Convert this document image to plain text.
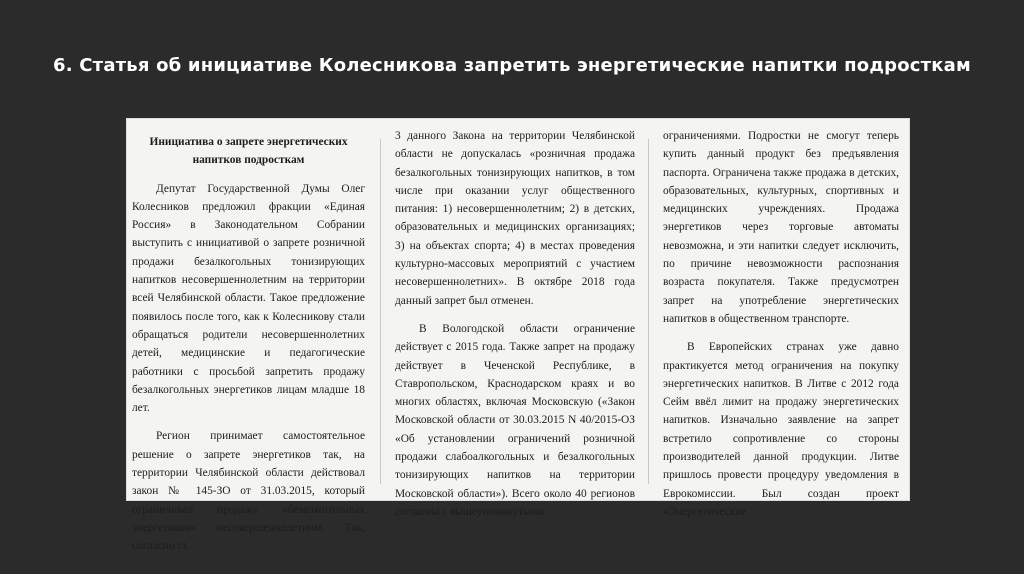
6. Статья об инициативе Колесникова запретить энергетические напитки подросткам
Инициатива о запрете энергетических
напитков подросткам

Депутат Государственной Думы Олег Колесников предложил фракции «Единая Россия» в Законодательном Собрании выступить с инициативой о запрете розничной продажи безалкогольных тонизирующих напитков несовершеннолетним на территории всей Челябинской области. Такое предложение появилось после того, как к Колесникову стали обращаться родители несовершеннолетних детей, медицинские и педагогические работники с просьбой запретить продажу безалкогольных энергетиков лицам младше 18 лет.

Регион принимает самостоятельное решение о запрете энергетиков так, на территории Челябинской области действовал закон № 145-ЗО от 31.03.2015, который ограничивал продажу «безалкогольных энергетиков» несовершеннолетним. Так, согласно ст.

3 данного Закона на территории Челябинской области не допускалась «розничная продажа безалкогольных тонизирующих напитков, в том числе при оказании услуг общественного питания: 1) несовершеннолетним; 2) в детских, образовательных и медицинских организациях; 3) на объектах спорта; 4) в местах проведения культурно-массовых мероприятий с участием несовершеннолетних». В октябре 2018 года данный запрет был отменен.

В Вологодской области ограничение действует с 2015 года. Также запрет на продажу действует в Чеченской Республике, в Ставропольском, Краснодарском краях и во многих областях, включая Московскую («Закон Московской области от 30.03.2015 N 40/2015-ОЗ «Об установлении ограничений розничной продажи слабоалкогольных и безалкогольных тонизирующих напитков на территории Московской области»). Всего около 40 регионов согласны с вышеупомянутыми

ограничениями. Подростки не смогут теперь купить данный продукт без предъявления паспорта. Ограничена также продажа в детских, образовательных, культурных, спортивных и медицинских учреждениях. Продажа энергетиков через торговые автоматы невозможна, и эти напитки следует исключить, по причине невозможности распознания возраста покупателя. Также предусмотрен запрет на употребление энергетических напитков в общественном транспорте.

В Европейских странах уже давно практикуется метод ограничения на покупку энергетических напитков. В Литве с 2012 года Сейм ввёл лимит на продажу энергетических напитков. Изначально заявление на запрет встретило сопротивление со стороны производителей данной продукции. Литве пришлось провести процедуру уведомления в Еврокомиссии. Был создан проект «Энергетические
